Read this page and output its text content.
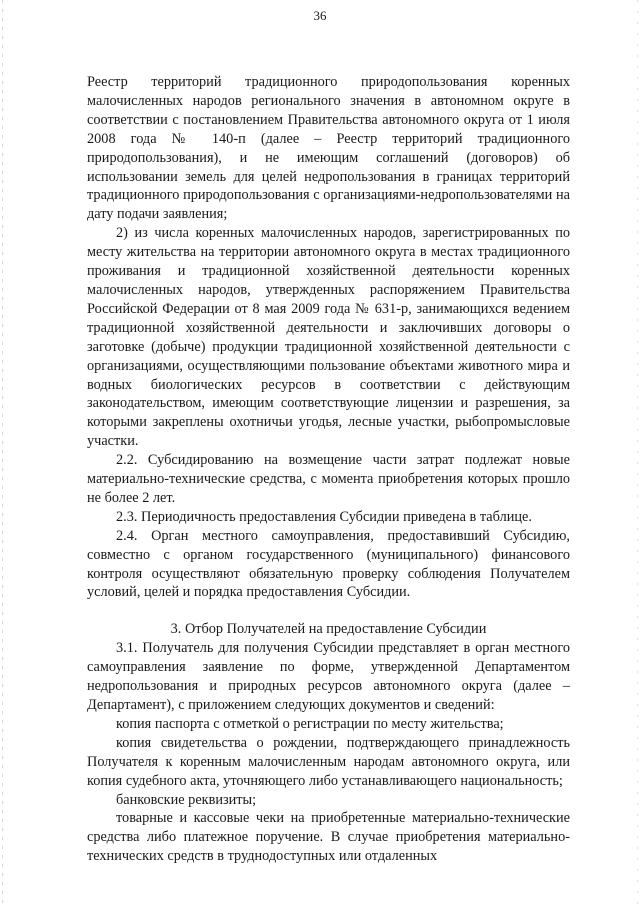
36

Реестр территорий традиционного природопользования коренных малочисленных народов регионального значения в автономном округе в соответствии с постановлением Правительства автономного округа от 1 июля 2008 года № 140-п (далее – Реестр территорий традиционного природопользования), и не имеющим соглашений (договоров) об использовании земель для целей недропользования в границах территорий традиционного природопользования с организациями-недропользователями на дату подачи заявления;

2) из числа коренных малочисленных народов, зарегистрированных по месту жительства на территории автономного округа в местах традиционного проживания и традиционной хозяйственной деятельности коренных малочисленных народов, утвержденных распоряжением Правительства Российской Федерации от 8 мая 2009 года № 631-р, занимающихся ведением традиционной хозяйственной деятельности и заключивших договоры о заготовке (добыче) продукции традиционной хозяйственной деятельности с организациями, осуществляющими пользование объектами животного мира и водных биологических ресурсов в соответствии с действующим законодательством, имеющим соответствующие лицензии и разрешения, за которыми закреплены охотничьи угодья, лесные участки, рыбопромысловые участки.

2.2. Субсидированию на возмещение части затрат подлежат новые материально-технические средства, с момента приобретения которых прошло не более 2 лет.

2.3. Периодичность предоставления Субсидии приведена в таблице.

2.4. Орган местного самоуправления, предоставивший Субсидию, совместно с органом государственного (муниципального) финансового контроля осуществляют обязательную проверку соблюдения Получателем условий, целей и порядка предоставления Субсидии.

3. Отбор Получателей на предоставление Субсидии

3.1. Получатель для получения Субсидии представляет в орган местного самоуправления заявление по форме, утвержденной Департаментом недропользования и природных ресурсов автономного округа (далее – Департамент), с приложением следующих документов и сведений:

копия паспорта с отметкой о регистрации по месту жительства;

копия свидетельства о рождении, подтверждающего принадлежность Получателя к коренным малочисленным народам автономного округа, или копия судебного акта, уточняющего либо устанавливающего национальность;

банковские реквизиты;

товарные и кассовые чеки на приобретенные материально-технические средства либо платежное поручение. В случае приобретения материально-технических средств в труднодоступных или отдаленных
